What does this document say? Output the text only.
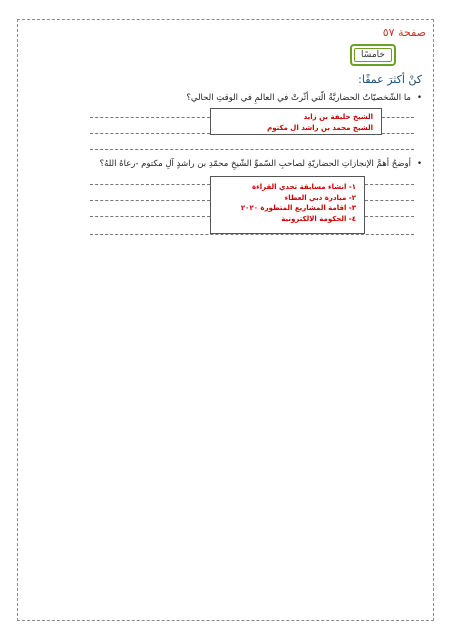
صفحة ٥٧
خامسًا
كنْ أكثرَ عمقًا:
•ما الشّخصيّاتُ الحضاريَّةُ الّتي أثّرتْ في العالمِ في الوقتِ الحالي؟
الشيخ خليفة بن زايد
الشيخ محمد بن راشد ال مكتوم
•أوضحُ أهمَّ الإنجازاتِ الحضاريّةِ لصاحبِ السّموِّ الشّيخِ محمّدِ بن راشدٍ آلِ مكتوم -رعاهُ اللهُ؟
١- انشاء مسابقة تحدي القراءة
٢- مبادرة دبي العطاء
٣- اقامة المشاريع المتطورة ٢٠٢٠
٤- الحكومة الالكترونية
